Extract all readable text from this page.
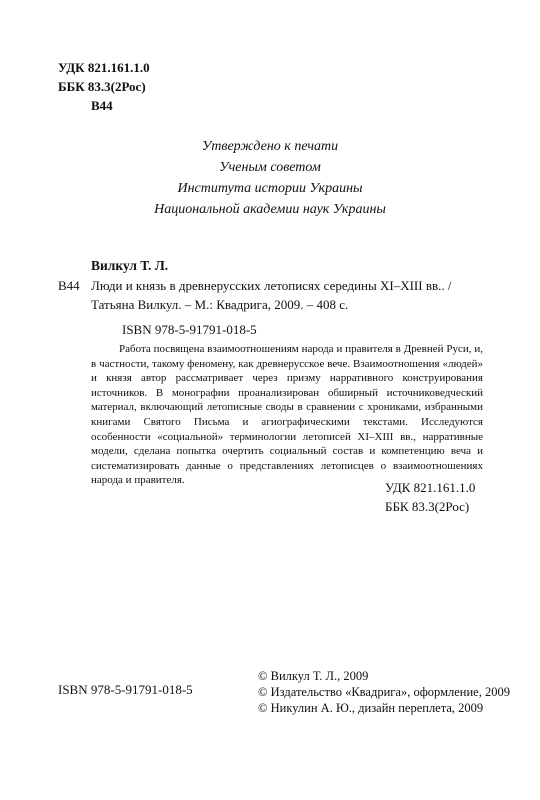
УДК 821.161.1.0
ББК 83.3(2Рос)
В44
Утверждено к печати
Ученым советом
Института истории Украины
Национальной академии наук Украины
Вилкул Т. Л.
В44 Люди и князь в древнерусских летописях середины XI–XIII вв.. /
Татьяна Вилкул. – М.: Квадрига, 2009. – 408 с.
ISBN 978-5-91791-018-5

Работа посвящена взаимоотношениям народа и правителя в Древней Руси, и, в частности, такому феномену, как древнерусское вече. Взаимоотношения «людей» и князя автор рассматривает через призму нарративного конструирования источников. В монографии проанализирован обширный источниковедческий материал, включающий летописные своды в сравнении с хрониками, избранными книгами Святого Письма и агиографическими текстами. Исследуются особенности «социальной» терминологии летописей XI–XIII вв., нарративные модели, сделана попытка очертить социальный состав и компетенцию веча и систематизировать данные о представлениях летописцев о взаимоотношениях народа и правителя.	УДК 821.161.1.0
ББК 83.3(2Рос)
ISBN 978-5-91791-018-5
© Вилкул Т. Л., 2009
© Издательство «Квадрига», оформление, 2009
© Никулин А. Ю., дизайн переплета, 2009
